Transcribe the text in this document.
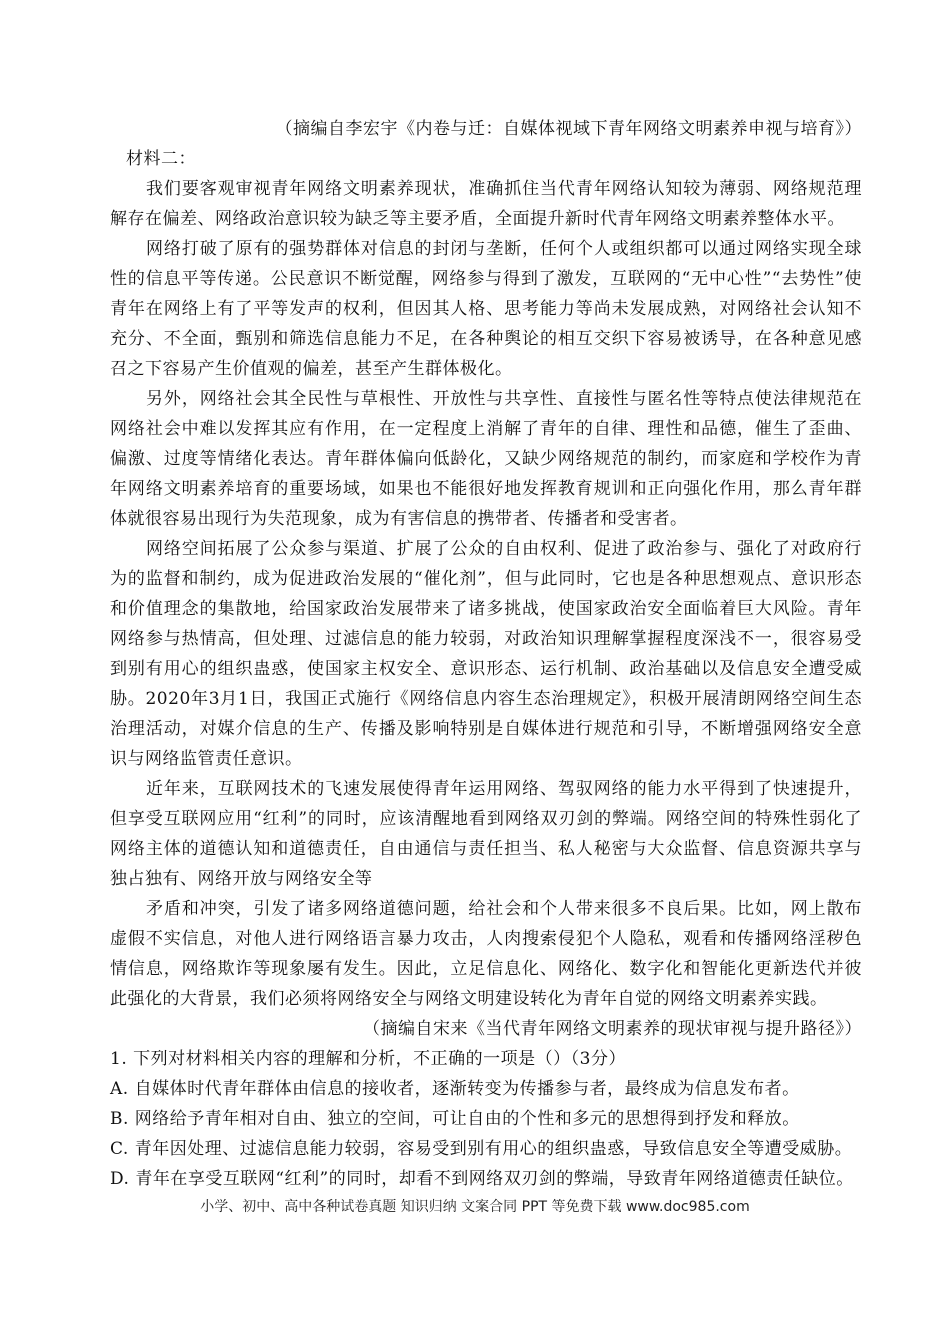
（摘编自李宏宇《内卷与迁：自媒体视域下青年网络文明素养申视与培育》）

材料二：

我们要客观审视青年网络文明素养现状，准确抓住当代青年网络认知较为薄弱、网络规范理解存在偏差、网络政治意识较为缺乏等主要矛盾，全面提升新时代青年网络文明素养整体水平。

网络打破了原有的强势群体对信息的封闭与垄断，任何个人或组织都可以通过网络实现全球性的信息平等传递。公民意识不断觉醒，网络参与得到了激发，互联网的“无中心性”“去势性”使青年在网络上有了平等发声的权利，但因其人格、思考能力等尚未发展成熟，对网络社会认知不充分、不全面，甄别和筛选信息能力不足，在各种舆论的相互交织下容易被诱导，在各种意见感召之下容易产生价值观的偏差，甚至产生群体极化。

另外，网络社会其全民性与草根性、开放性与共享性、直接性与匿名性等特点使法律规范在网络社会中难以发挥其应有作用，在一定程度上消解了青年的自律、理性和品德，催生了歪曲、偏激、过度等情绪化表达。青年群体偏向低龄化，又缺少网络规范的制约，而家庭和学校作为青年网络文明素养培育的重要场域，如果也不能很好地发挥教育规训和正向强化作用，那么青年群体就很容易出现行为失范现象，成为有害信息的携带者、传播者和受害者。

网络空间拓展了公众参与渠道、扩展了公众的自由权利、促进了政治参与、强化了对政府行为的监督和制约，成为促进政治发展的“催化剂”，但与此同时，它也是各种思想观点、意识形态和价值理念的集散地，给国家政治发展带来了诸多挑战，使国家政治安全面临着巨大风险。青年网络参与热情高，但处理、过滤信息的能力较弱，对政治知识理解掌握程度深浅不一，很容易受到别有用心的组织蛊惑，使国家主权安全、意识形态、运行机制、政治基础以及信息安全遭受威胁。2020年3月1日，我国正式施行《网络信息内容生态治理规定》，积极开展清朗网络空间生态治理活动，对媒介信息的生产、传播及影响特别是自媒体进行规范和引导，不断增强网络安全意识与网络监管责任意识。

近年来，互联网技术的飞速发展使得青年运用网络、驾驭网络的能力水平得到了快速提升，但享受互联网应用“红利”的同时，应该清醒地看到网络双刃剑的弊端。网络空间的特殊性弱化了网络主体的道德认知和道德责任，自由通信与责任担当、私人秘密与大众监督、信息资源共享与独占独有、网络开放与网络安全等

矛盾和冲突，引发了诸多网络道德问题，给社会和个人带来很多不良后果。比如，网上散布虚假不实信息，对他人进行网络语言暴力攻击，人肉搜索侵犯个人隐私，观看和传播网络淫秽色情信息，网络欺诈等现象屡有发生。因此，立足信息化、网络化、数字化和智能化更新迭代并彼此强化的大背景，我们必须将网络安全与网络文明建设转化为青年自觉的网络文明素养实践。

（摘编自宋来《当代青年网络文明素养的现状审视与提升路径》）

1. 下列对材料相关内容的理解和分析，不正确的一项是（）（3分）

A. 自媒体时代青年群体由信息的接收者，逐渐转变为传播参与者，最终成为信息发布者。

B. 网络给予青年相对自由、独立的空间，可让自由的个性和多元的思想得到抒发和释放。

C. 青年因处理、过滤信息能力较弱，容易受到别有用心的组织蛊惑，导致信息安全等遭受威胁。

D. 青年在享受互联网“红利”的同时，却看不到网络双刃剑的弊端，导致青年网络道德责任缺位。

小学、初中、高中各种试卷真题 知识归纳 文案合同 PPT 等免费下载 www.doc985.com
